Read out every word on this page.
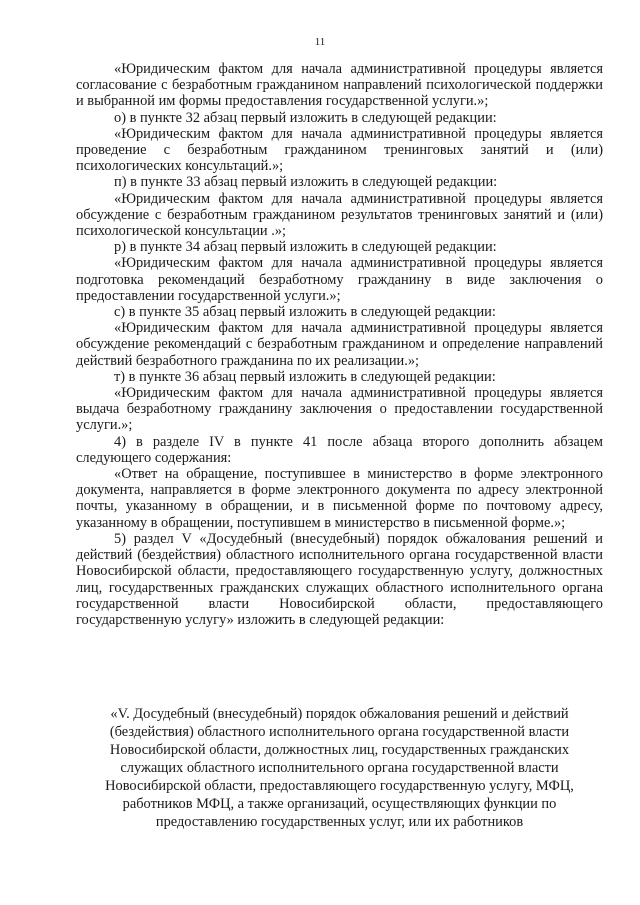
11

«Юридическим фактом для начала административной процедуры является согласование с безработным гражданином направлений психологической поддержки и выбранной им формы предоставления государственной услуги.»;

о) в пункте 32 абзац первый изложить в следующей редакции:

«Юридическим фактом для начала административной процедуры является проведение с безработным гражданином тренинговых занятий и (или) психологических консультаций.»;

п) в пункте 33 абзац первый изложить в следующей редакции:

«Юридическим фактом для начала административной процедуры является обсуждение с безработным гражданином результатов тренинговых занятий и (или) психологической консультации .»;

р) в пункте 34 абзац первый изложить в следующей редакции:

«Юридическим фактом для начала административной процедуры является подготовка рекомендаций безработному гражданину в виде заключения о предоставлении государственной услуги.»;

с) в пункте 35 абзац первый изложить в следующей редакции:

«Юридическим фактом для начала административной процедуры является обсуждение рекомендаций с безработным гражданином и определение направлений действий безработного гражданина по их реализации.»;

т) в пункте 36 абзац первый изложить в следующей редакции:

«Юридическим фактом для начала административной процедуры является выдача безработному гражданину заключения о предоставлении государственной услуги.»;

4) в разделе IV в пункте 41 после абзаца второго дополнить абзацем следующего содержания:

«Ответ на обращение, поступившее в министерство в форме электронного документа, направляется в форме электронного документа по адресу электронной почты, указанному в обращении, и в письменной форме по почтовому адресу, указанному в обращении, поступившем в министерство в письменной форме.»;

5) раздел V «Досудебный (внесудебный) порядок обжалования решений и действий (бездействия) областного исполнительного органа государственной власти Новосибирской области, предоставляющего государственную услугу, должностных лиц, государственных гражданских служащих областного исполнительного органа государственной власти Новосибирской области, предоставляющего государственную услугу» изложить в следующей редакции:

«V. Досудебный (внесудебный) порядок обжалования решений и действий
(бездействия) областного исполнительного органа государственной власти
Новосибирской области, должностных лиц, государственных гражданских
служащих областного исполнительного органа государственной власти
Новосибирской области, предоставляющего государственную услугу, МФЦ,
работников МФЦ, а также организаций, осуществляющих функции по
предоставлению государственных услуг, или их работников
